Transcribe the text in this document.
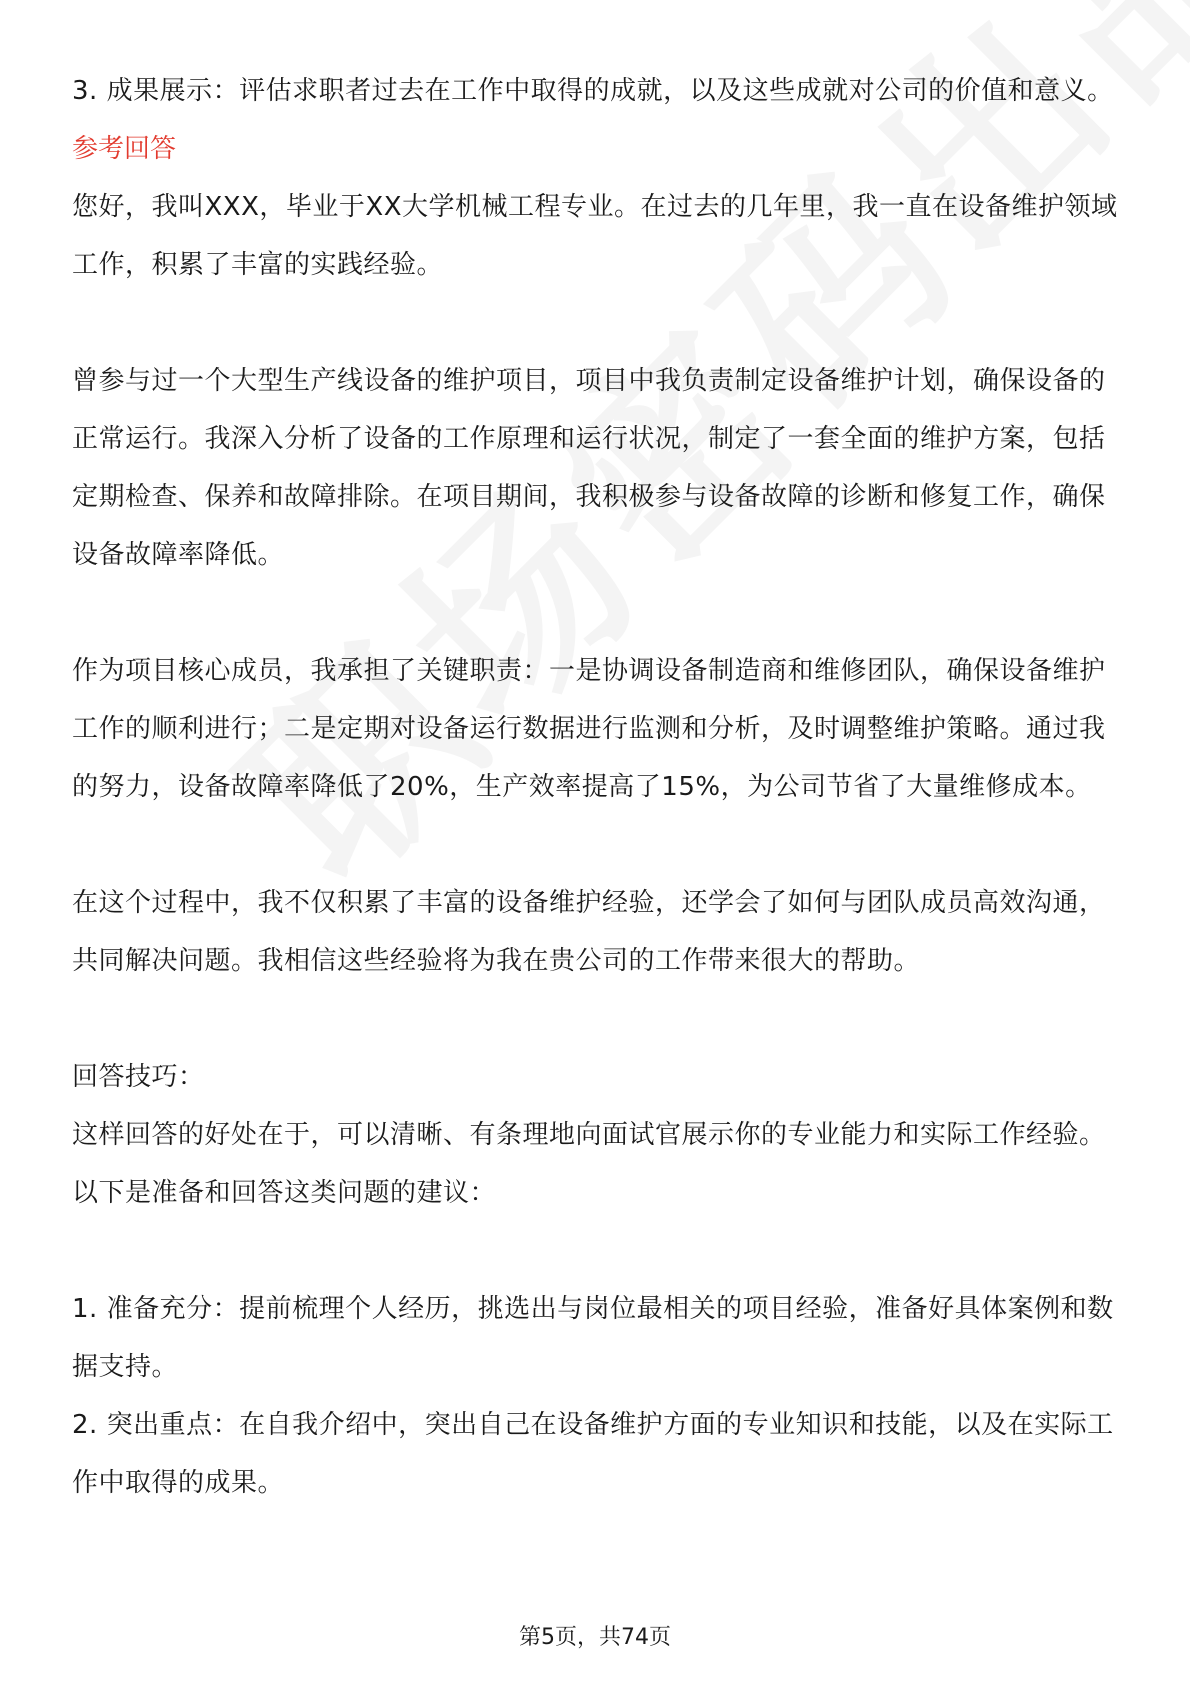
3. 成果展示：评估求职者过去在工作中取得的成就，以及这些成就对公司的价值和意义。

参考回答

您好，我叫XXX，毕业于XX大学机械工程专业。在过去的几年里，我一直在设备维护领域工作，积累了丰富的实践经验。

曾参与过一个大型生产线设备的维护项目，项目中我负责制定设备维护计划，确保设备的正常运行。我深入分析了设备的工作原理和运行状况，制定了一套全面的维护方案，包括定期检查、保养和故障排除。在项目期间，我积极参与设备故障的诊断和修复工作，确保设备故障率降低。

作为项目核心成员，我承担了关键职责：一是协调设备制造商和维修团队，确保设备维护工作的顺利进行；二是定期对设备运行数据进行监测和分析，及时调整维护策略。通过我的努力，设备故障率降低了20%，生产效率提高了15%，为公司节省了大量维修成本。

在这个过程中，我不仅积累了丰富的设备维护经验，还学会了如何与团队成员高效沟通，共同解决问题。我相信这些经验将为我在贵公司的工作带来很大的帮助。

回答技巧：

这样回答的好处在于，可以清晰、有条理地向面试官展示你的专业能力和实际工作经验。以下是准备和回答这类问题的建议：

1. 准备充分：提前梳理个人经历，挑选出与岗位最相关的项目经验，准备好具体案例和数据支持。

2. 突出重点：在自我介绍中，突出自己在设备维护方面的专业知识和技能，以及在实际工作中取得的成果。

第5页，共74页
